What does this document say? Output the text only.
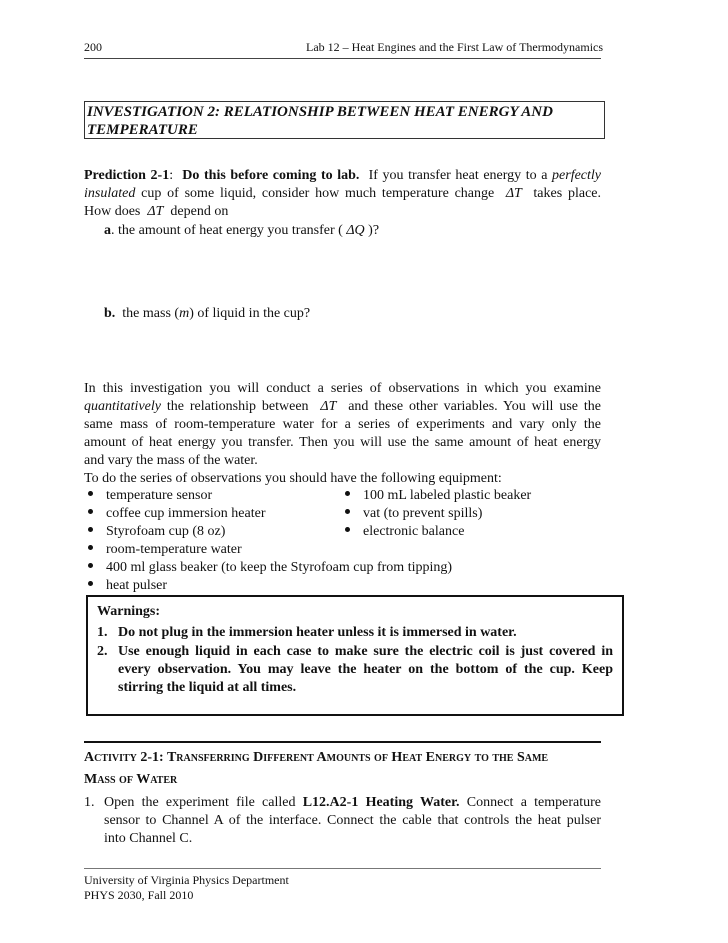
200	Lab 12 – Heat Engines and the First Law of Thermodynamics
INVESTIGATION 2: RELATIONSHIP BETWEEN HEAT ENERGY AND
TEMPERATURE
Prediction 2-1: Do this before coming to lab. If you transfer heat energy to a perfectly
insulated cup of some liquid, consider how much temperature change ΔT takes place.
How does ΔT depend on
a. the amount of heat energy you transfer ( ΔQ )?
b. the mass (m) of liquid in the cup?
In this investigation you will conduct a series of observations in which you examine
quantitatively the relationship between ΔT and these other variables. You will use the
same mass of room-temperature water for a series of experiments and vary only the
amount of heat energy you transfer. Then you will use the same amount of heat energy
and vary the mass of the water.
To do the series of observations you should have the following equipment:
temperature sensor
coffee cup immersion heater
Styrofoam cup (8 oz)
room-temperature water
400 ml glass beaker (to keep the Styrofoam cup from tipping)
heat pulser
100 mL labeled plastic beaker
vat (to prevent spills)
electronic balance
Warnings:
1. Do not plug in the immersion heater unless it is immersed in water.
2. Use enough liquid in each case to make sure the electric coil is just covered in
every observation. You may leave the heater on the bottom of the cup. Keep
stirring the liquid at all times.
Activity 2-1: Transferring Different Amounts of Heat Energy to the Same
Mass of Water
1. Open the experiment file called L12.A2-1 Heating Water. Connect a temperature
sensor to Channel A of the interface. Connect the cable that controls the heat pulser
into Channel C.
University of Virginia Physics Department
PHYS 2030, Fall 2010
